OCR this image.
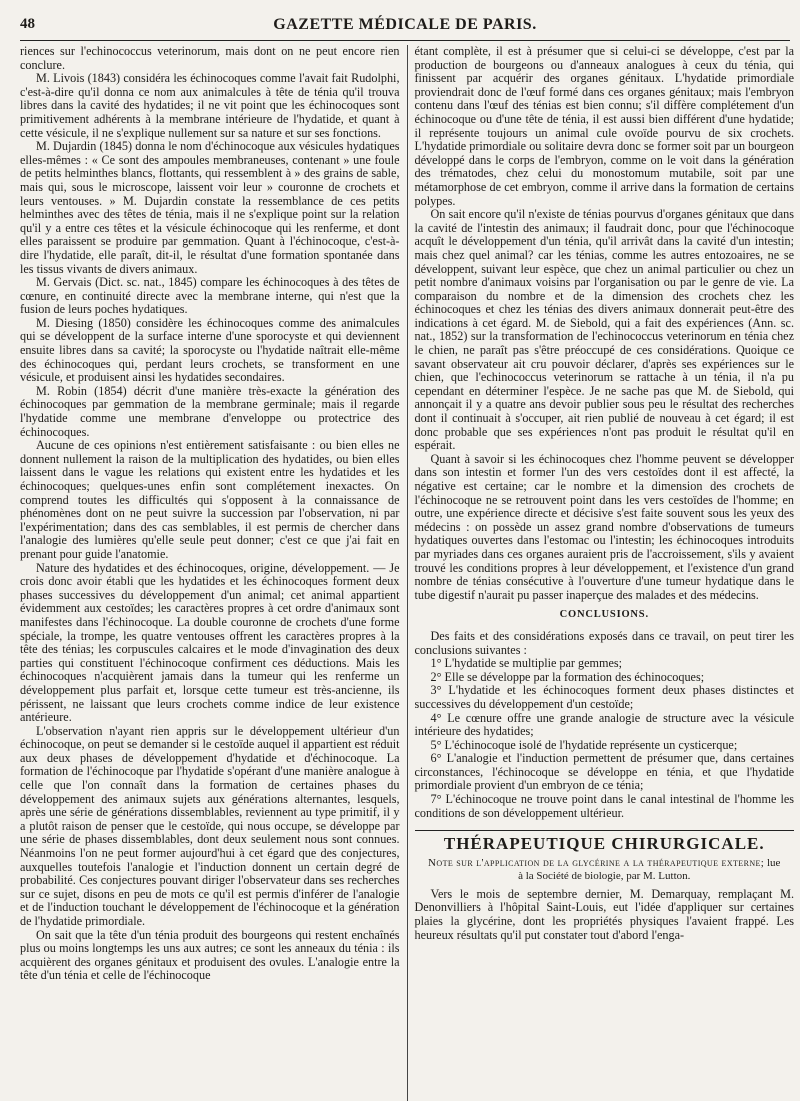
48	GAZETTE MÉDICALE DE PARIS.

riences sur l'echinococcus veterinorum, mais dont on ne peut encore rien conclure.

M. Livois (1843) considéra les échinocoques comme l'avait fait Rudolphi, c'est-à-dire qu'il donna ce nom aux animalcules à tête de ténia qu'il trouva libres dans la cavité des hydatides; il ne vit point que les échinocoques sont primitivement adhérents à la membrane intérieure de l'hydatide, et quant à cette vésicule, il ne s'explique nullement sur sa nature et sur ses fonctions.

M. Dujardin (1845) donna le nom d'échinocoque aux vésicules hydatiques elles-mêmes : « Ce sont des ampoules membraneuses, contenant » une foule de petits helminthes blancs, flottants, qui ressemblent à » des grains de sable, mais qui, sous le microscope, laissent voir leur » couronne de crochets et leurs ventouses. » M. Dujardin constate la ressemblance de ces petits helminthes avec des têtes de ténia, mais il ne s'explique point sur la relation qu'il y a entre ces têtes et la vésicule échinocoque qui les renferme, et dont elles paraissent se produire par gemmation. Quant à l'échinocoque, c'est-à-dire l'hydatide, elle paraît, dit-il, le résultat d'une formation spontanée dans les tissus vivants de divers animaux.

M. Gervais (Dict. sc. nat., 1845) compare les échinocoques à des têtes de cœnure, en continuité directe avec la membrane interne, qui n'est que la fusion de leurs poches hydatiques.

M. Diesing (1850) considère les échinocoques comme des animalcules qui se développent de la surface interne d'une sporocyste et qui deviennent ensuite libres dans sa cavité; la sporocyste ou l'hydatide naîtrait elle-même des échinocoques qui, perdant leurs crochets, se transforment en une vésicule, et produisent ainsi les hydatides secondaires.

M. Robin (1854) décrit d'une manière très-exacte la génération des échinocoques par gemmation de la membrane germinale; mais il regarde l'hydatide comme une membrane d'enveloppe ou protectrice des échinocoques.

Aucune de ces opinions n'est entièrement satisfaisante : ou bien elles ne donnent nullement la raison de la multiplication des hydatides, ou bien elles laissent dans le vague les relations qui existent entre les hydatides et les échinocoques; quelques-unes enfin sont complétement inexactes. On comprend toutes les difficultés qui s'opposent à la connaissance de phénomènes dont on ne peut suivre la succession par l'observation, ni par l'expérimentation; dans des cas semblables, il est permis de chercher dans l'analogie des lumières qu'elle seule peut donner; c'est ce que j'ai fait en prenant pour guide l'anatomie.

Nature des hydatides et des échinocoques, origine, développement. — Je crois donc avoir établi que les hydatides et les échinocoques forment deux phases successives du développement d'un animal; cet animal appartient évidemment aux cestoïdes; les caractères propres à cet ordre d'animaux sont manifestes dans l'échinocoque. La double couronne de crochets d'une forme spéciale, la trompe, les quatre ventouses offrent les caractères propres à la tête des ténias; les corpuscules calcaires et le mode d'invagination des deux parties qui constituent l'échinocoque confirment ces déductions. Mais les échinocoques n'acquièrent jamais dans la tumeur qui les renferme un développement plus parfait et, lorsque cette tumeur est très-ancienne, ils périssent, ne laissant que leurs crochets comme indice de leur existence antérieure.

L'observation n'ayant rien appris sur le développement ultérieur d'un échinocoque, on peut se demander si le cestoïde auquel il appartient est réduit aux deux phases de développement d'hydatide et d'échinocoque. La formation de l'échinocoque par l'hydatide s'opérant d'une manière analogue à celle que l'on connaît dans la formation de certaines phases du développement des animaux sujets aux générations alternantes, lesquels, après une série de générations dissemblables, reviennent au type primitif, il y a plutôt raison de penser que le cestoïde, qui nous occupe, se développe par une série de phases dissemblables, dont deux seulement nous sont connues. Néanmoins l'on ne peut former aujourd'hui à cet égard que des conjectures, auxquelles toutefois l'analogie et l'induction donnent un certain degré de probabilité. Ces conjectures pouvant diriger l'observateur dans ses recherches sur ce sujet, disons en peu de mots ce qu'il est permis d'inférer de l'analogie et de l'induction touchant le développement de l'échinocoque et la génération de l'hydatide primordiale.

On sait que la tête d'un ténia produit des bourgeons qui restent enchaînés plus ou moins longtemps les uns aux autres; ce sont les anneaux du ténia : ils acquièrent des organes génitaux et produisent des ovules. L'analogie entre la tête d'un ténia et celle de l'échinocoque

étant complète, il est à présumer que si celui-ci se développe, c'est par la production de bourgeons ou d'anneaux analogues à ceux du ténia, qui finissent par acquérir des organes génitaux. L'hydatide primordiale proviendrait donc de l'œuf formé dans ces organes génitaux; mais l'embryon contenu dans l'œuf des ténias est bien connu; s'il diffère complétement d'un échinocoque ou d'une tête de ténia, il est aussi bien différent d'une hydatide; il représente toujours un animal cule ovoïde pourvu de six crochets. L'hydatide primordiale ou solitaire devra donc se former soit par un bourgeon développé dans le corps de l'embryon, comme on le voit dans la génération des trématodes, chez celui du monostomum mutabile, soit par une métamorphose de cet embryon, comme il arrive dans la formation de certains polypes.

On sait encore qu'il n'existe de ténias pourvus d'organes génitaux que dans la cavité de l'intestin des animaux; il faudrait donc, pour que l'échinocoque acquît le développement d'un ténia, qu'il arrivât dans la cavité d'un intestin; mais chez quel animal? car les ténias, comme les autres entozoaires, ne se développent, suivant leur espèce, que chez un animal particulier ou chez un petit nombre d'animaux voisins par l'organisation ou par le genre de vie. La comparaison du nombre et de la dimension des crochets chez les échinocoques et chez les ténias des divers animaux donnerait peut-être des indications à cet égard. M. de Siebold, qui a fait des expériences (Ann. sc. nat., 1852) sur la transformation de l'echinococcus veterinorum en ténia chez le chien, ne paraît pas s'être préoccupé de ces considérations. Quoique ce savant observateur ait cru pouvoir déclarer, d'après ses expériences sur le chien, que l'echinococcus veterinorum se rattache à un ténia, il n'a pu cependant en déterminer l'espèce. Je ne sache pas que M. de Siebold, qui annonçait il y a quatre ans devoir publier sous peu le résultat des recherches dont il continuait à s'occuper, ait rien publié de nouveau à cet égard; il est donc probable que ses expériences n'ont pas produit le résultat qu'il en espérait.

Quant à savoir si les échinocoques chez l'homme peuvent se développer dans son intestin et former l'un des vers cestoïdes dont il est affecté, la négative est certaine; car le nombre et la dimension des crochets de l'échinocoque ne se retrouvent point dans les vers cestoïdes de l'homme; en outre, une expérience directe et décisive s'est faite souvent sous les yeux des médecins : on possède un assez grand nombre d'observations de tumeurs hydatiques ouvertes dans l'estomac ou l'intestin; les échinocoques introduits par myriades dans ces organes auraient pris de l'accroissement, s'ils y avaient trouvé les conditions propres à leur développement, et l'existence d'un grand nombre de ténias consécutive à l'ouverture d'une tumeur hydatique dans le tube digestif n'aurait pu passer inaperçue des malades et des médecins.

CONCLUSIONS.

Des faits et des considérations exposés dans ce travail, on peut tirer les conclusions suivantes :

1° L'hydatide se multiplie par gemmes;

2° Elle se développe par la formation des échinocoques;

3° L'hydatide et les échinocoques forment deux phases distinctes et successives du développement d'un cestoïde;

4° Le cœnure offre une grande analogie de structure avec la vésicule intérieure des hydatides;

5° L'échinocoque isolé de l'hydatide représente un cysticerque;

6° L'analogie et l'induction permettent de présumer que, dans certaines circonstances, l'échinocoque se développe en ténia, et que l'hydatide primordiale provient d'un embryon de ce ténia;

7° L'échinocoque ne trouve point dans le canal intestinal de l'homme les conditions de son développement ultérieur.

THÉRAPEUTIQUE CHIRURGICALE.
Note sur l'application de la glycérine a la thérapeutique externe; lue à la Société de biologie, par M. Lutton.

Vers le mois de septembre dernier, M. Demarquay, remplaçant M. Denonvilliers à l'hôpital Saint-Louis, eut l'idée d'appliquer sur certaines plaies la glycérine, dont les propriétés physiques l'avaient frappé. Les heureux résultats qu'il put constater tout d'abord l'enga-
